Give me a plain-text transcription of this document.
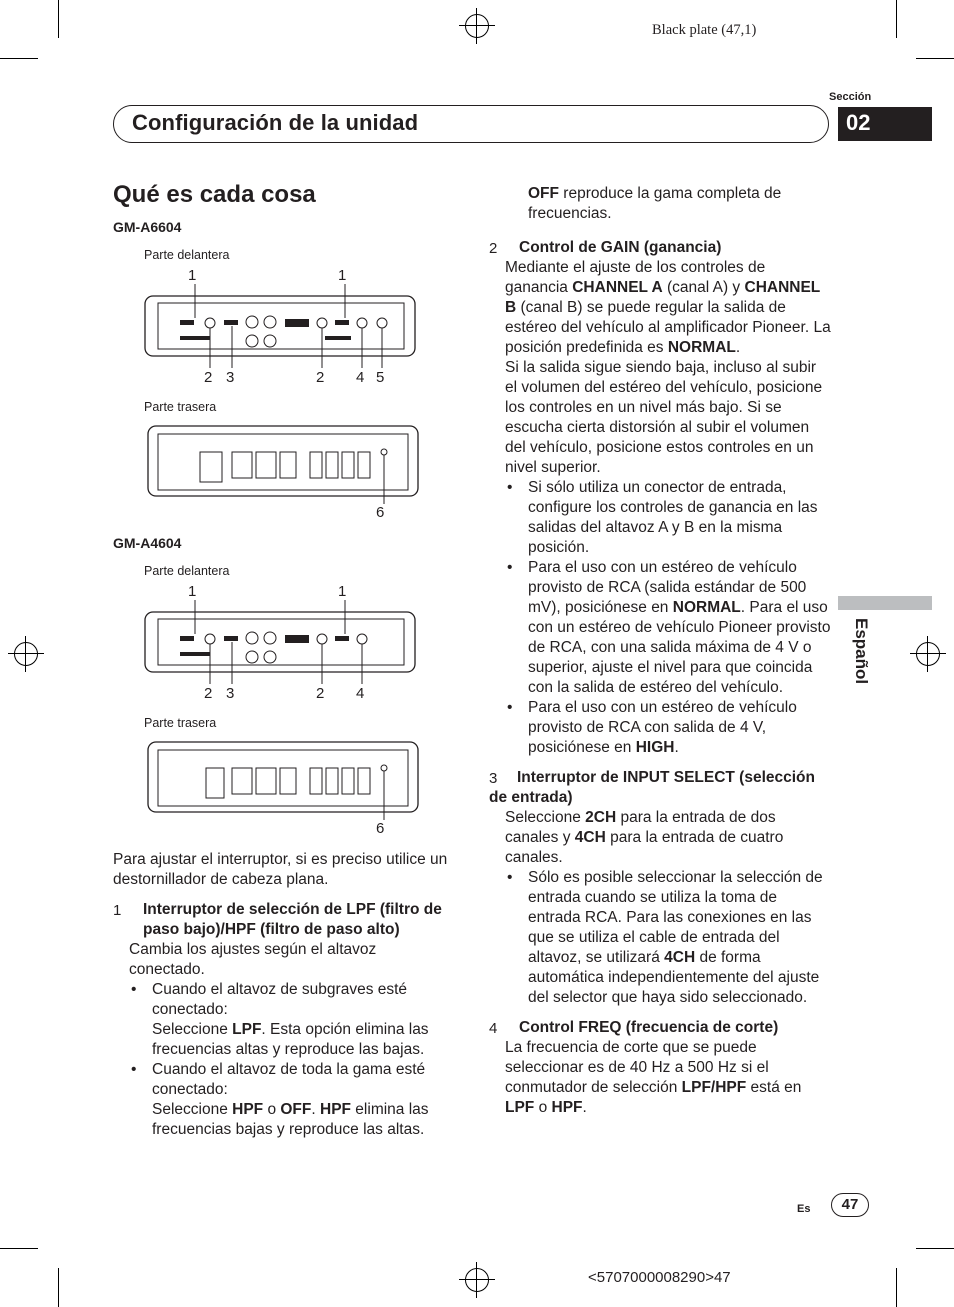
Black plate (47,1)
<5707000008290>47
Sección
Configuración de la unidad	02
Español
Qué es cada cosa
GM-A6604
Parte delantera
1	1
2 3	2 4 5
Parte trasera
6
GM-A4604
Parte delantera
1	1
2 3	2 4
Parte trasera
6

Para ajustar el interruptor, si es preciso utilice un destornillador de cabeza plana.

1 Interruptor de selección de LPF (filtro de paso bajo)/HPF (filtro de paso alto)

Cambia los ajustes según el altavoz conectado.

• Cuando el altavoz de subgraves esté conectado:
Seleccione LPF. Esta opción elimina las frecuencias altas y reproduce las bajas.
• Cuando el altavoz de toda la gama esté conectado:
Seleccione HPF o OFF. HPF elimina las frecuencias bajas y reproduce las altas.
OFF reproduce la gama completa de frecuencias.
2 Control de GAIN (ganancia)

Mediante el ajuste de los controles de ganancia CHANNEL A (canal A) y CHANNEL B (canal B) se puede regular la salida de estéreo del vehículo al amplificador Pioneer. La posición predefinida es NORMAL.

Si la salida sigue siendo baja, incluso al subir el volumen del estéreo del vehículo, posicione los controles en un nivel más bajo. Si se escucha cierta distorsión al subir el volumen del vehículo, posicione estos controles en un nivel superior.

• Si sólo utiliza un conector de entrada, configure los controles de ganancia en las salidas del altavoz A y B en la misma posición.
• Para el uso con un estéreo de vehículo provisto de RCA (salida estándar de 500 mV), posiciónese en NORMAL. Para el uso con un estéreo de vehículo Pioneer provisto de RCA, con una salida máxima de 4 V o superior, ajuste el nivel para que coincida con la salida de estéreo del vehículo.
• Para el uso con un estéreo de vehículo provisto de RCA con salida de 4 V, posiciónese en HIGH.
3 Interruptor de INPUT SELECT (selección de entrada)

Seleccione 2CH para la entrada de dos canales y 4CH para la entrada de cuatro canales.

• Sólo es posible seleccionar la selección de entrada cuando se utiliza la toma de entrada RCA. Para las conexiones en las que se utiliza el cable de entrada del altavoz, se utilizará 4CH de forma automática independientemente del ajuste del selector que haya sido seleccionado.
4 Control FREQ (frecuencia de corte)

La frecuencia de corte que se puede seleccionar es de 40 Hz a 500 Hz si el conmutador de selección LPF/HPF está en LPF o HPF.

Es	47
